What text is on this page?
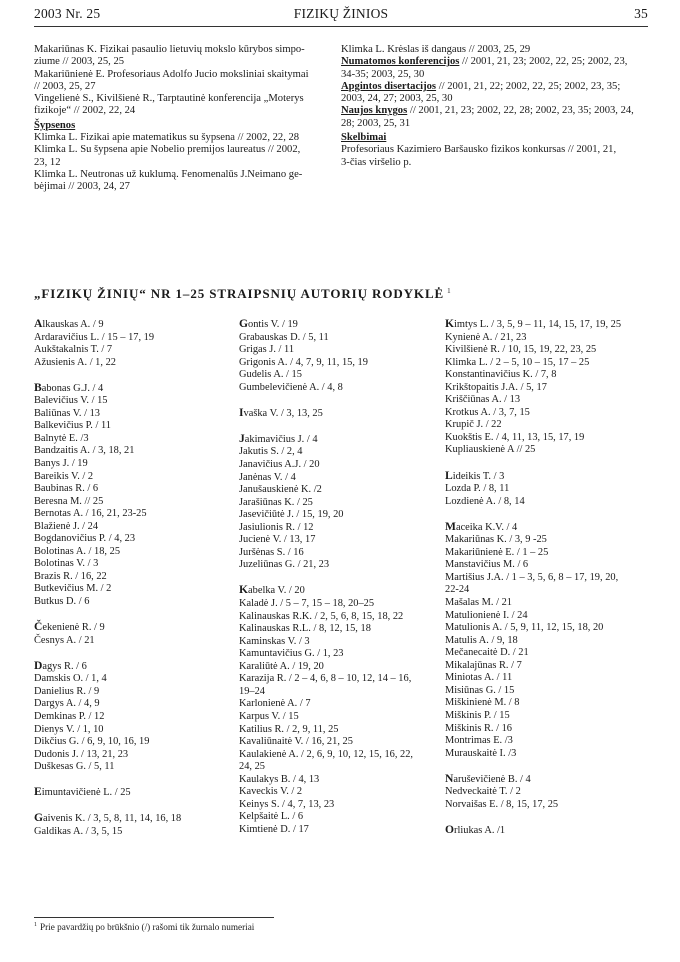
2003 Nr. 25	FIZIKŲ ŽINIOS	35
Makariūnas K. Fizikai pasaulio lietuvių mokslo kūrybos simpo-
ziume // 2003, 25, 25
Makariūnienė E. Profesoriaus Adolfo Jucio moksliniai skaitymai
// 2003, 25, 27
Vingelienė S., Kivilšienė R., Tarptautinė konferencija „Moterys
fizikoje“ // 2002, 22, 24
Šypsenos
Klimka L. Fizikai apie matematikus su šypsena // 2002, 22, 28
Klimka L. Su šypsena apie Nobelio premijos laureatus // 2002,
23, 12
Klimka L. Neutronas už kuklumą. Fenomenalūs J.Neimano ge-
bėjimai // 2003, 24, 27
Klimka L. Krėslas iš dangaus // 2003, 25, 29
Numatomos konferencijos // 2001, 21, 23; 2002, 22, 25; 2002, 23,
34-35; 2003, 25, 30
Apgintos disertacijos // 2001, 21, 22; 2002, 22, 25; 2002, 23, 35;
2003, 24, 27; 2003, 25, 30
Naujos knygos // 2001, 21, 23; 2002, 22, 28; 2002, 23, 35; 2003, 24,
28; 2003, 25, 31
Skelbimai
Profesoriaus Kazimiero Baršausko fizikos konkursas // 2001, 21,
3-čias viršelio p.
„FIZIKŲ ŽINIŲ“ NR 1–25 STRAIPSNIŲ AUTORIŲ RODYKLĖ $^1$
Alkauskas A. / 9
Ardaravičius L. / 15 – 17, 19
Aukštakalnis T. / 7
Ažusienis A. / 1, 22
Babonas G.J. / 4
Balevičius V. / 15
Baliūnas V. / 13
Balkevičius P. / 11
Balnytė E. /3
Bandzaitis A. / 3, 18, 21
Banys J. / 19
Bareikis V. / 2
Baubinas R. / 6
Beresna M. // 25
Bernotas A. / 16, 21, 23-25
Blažienė J. / 24
Bogdanovičius P. / 4, 23
Bolotinas A. / 18, 25
Bolotinas V. / 3
Brazis R. / 16, 22
Butkevičius M. / 2
Butkus D. / 6
Čekenienė R. / 9
Česnys A. / 21
Dagys R. / 6
Damskis O. / 1, 4
Danielius R. / 9
Dargys A. / 4, 9
Demkinas P. / 12
Dienys V. / 1, 10
Dikčius G. / 6, 9, 10, 16, 19
Dudonis J. / 13, 21, 23
Duškesas G. / 5, 11
Eimuntavičienė L. / 25
Gaivenis K. / 3, 5, 8, 11, 14, 16, 18
Galdikas A. / 3, 5, 15
Gontis V. / 19
Grabauskas D. / 5, 11
Grigas J. / 11
Grigonis A. / 4, 7, 9, 11, 15, 19
Gudelis A. / 15
Gumbelevičienė A. / 4, 8
Ivaška V. / 3, 13, 25
Jakimavičius J. / 4
Jakutis S. / 2, 4
Janavičius A.J. / 20
Janėnas V. / 4
Janušauskienė K. /2
Jarašiūnas K. / 25
Jasevičiūtė J. / 15, 19, 20
Jasiulionis R. / 12
Jucienė V. / 13, 17
Juršėnas S. / 16
Juzeliūnas G. / 21, 23
Kabelka V. / 20
Kaladė J. / 5 – 7, 15 – 18, 20–25
Kalinauskas R.K. / 2, 5, 6, 8, 15, 18, 22
Kalinauskas R.L. / 8, 12, 15, 18
Kaminskas V. / 3
Kamuntavičius G. / 1, 23
Karaliūtė A. / 19, 20
Karazija R. / 2 – 4, 6, 8 – 10, 12, 14 – 16,
19–24
Karlonienė A. / 7
Karpus V. / 15
Katilius R. / 2, 9, 11, 25
Kavaliūnaitė V. / 16, 21, 25
Kaulakienė A. / 2, 6, 9, 10, 12, 15, 16, 22,
24, 25
Kaulakys B. / 4, 13
Kaveckis V. / 2
Keinys S. / 4, 7, 13, 23
Kelpšaitė L. / 6
Kimtienė D. / 17
Kimtys L. / 3, 5, 9 – 11, 14, 15, 17, 19, 25
Kynienė A. / 21, 23
Kivilšienė R. / 10, 15, 19, 22, 23, 25
Klimka L. / 2 – 5, 10 – 15, 17 – 25
Konstantinavičius K. / 7, 8
Krikštopaitis J.A. / 5, 17
Kriščiūnas A. / 13
Krotkus A. / 3, 7, 15
Krupič J. / 22
Kuokštis E. / 4, 11, 13, 15, 17, 19
Kupliauskienė A // 25
Lideikis T. / 3
Lozda P. / 8, 11
Lozdienė A. / 8, 14
Maceika K.V. / 4
Makariūnas K. / 3, 9 -25
Makariūnienė E. / 1 – 25
Manstavičius M. / 6
Martišius J.A. / 1 – 3, 5, 6, 8 – 17, 19, 20,
22-24
Mašalas M. / 21
Matulionienė I. / 24
Matulionis A. / 5, 9, 11, 12, 15, 18, 20
Matulis A. / 9, 18
Mečanecaitė D. / 21
Mikalajūnas R. / 7
Miniotas A. / 11
Misiūnas G. / 15
Miškinienė M. / 8
Miškinis P. / 15
Miškinis R. / 16
Montrimas E. /3
Murauskaitė I. /3
Naruševičienė B. / 4
Nedveckaitė T. / 2
Norvaišas E. / 8, 15, 17, 25
Orliukas A. /1
$^1$ Prie pavardžių po brūkšnio (/) rašomi tik žurnalo numeriai
